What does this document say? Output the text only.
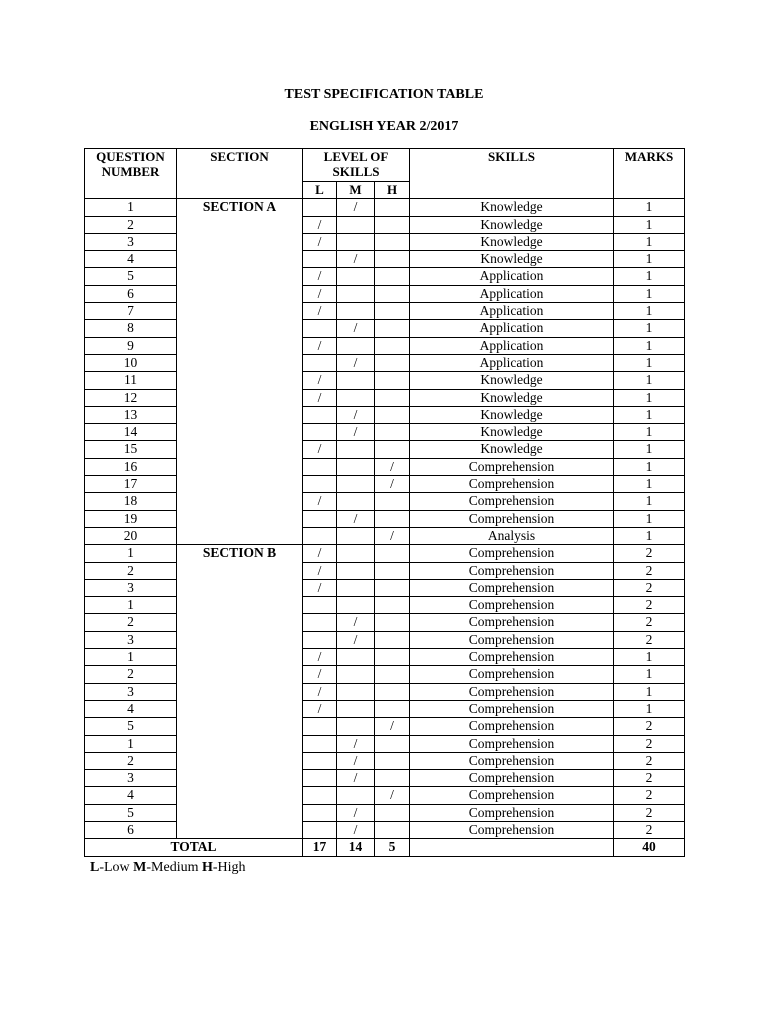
TEST SPECIFICATION TABLE
ENGLISH YEAR 2/2017
QUESTION NUMBER	SECTION	LEVEL OF SKILLS			SKILLS	MARKS
		L	M	H		
1	SECTION A		/		Knowledge	1
2		/			Knowledge	1
3		/			Knowledge	1
4			/		Knowledge	1
5		/			Application	1
6		/			Application	1
7		/			Application	1
8			/		Application	1
9		/			Application	1
10			/		Application	1
11		/			Knowledge	1
12		/			Knowledge	1
13			/		Knowledge	1
14			/		Knowledge	1
15		/			Knowledge	1
16				/	Comprehension	1
17				/	Comprehension	1
18		/			Comprehension	1
19			/		Comprehension	1
20				/	Analysis	1
1	SECTION B	/			Comprehension	2
2		/			Comprehension	2
3		/			Comprehension	2
1					Comprehension	2
2			/		Comprehension	2
3			/		Comprehension	2
1		/			Comprehension	1
2		/			Comprehension	1
3		/			Comprehension	1
4		/			Comprehension	1
5				/	Comprehension	2
1			/		Comprehension	2
2			/		Comprehension	2
3			/		Comprehension	2
4				/	Comprehension	2
5			/		Comprehension	2
6			/		Comprehension	2
TOTAL		17	14	5		40
L-Low M-Medium H-High
